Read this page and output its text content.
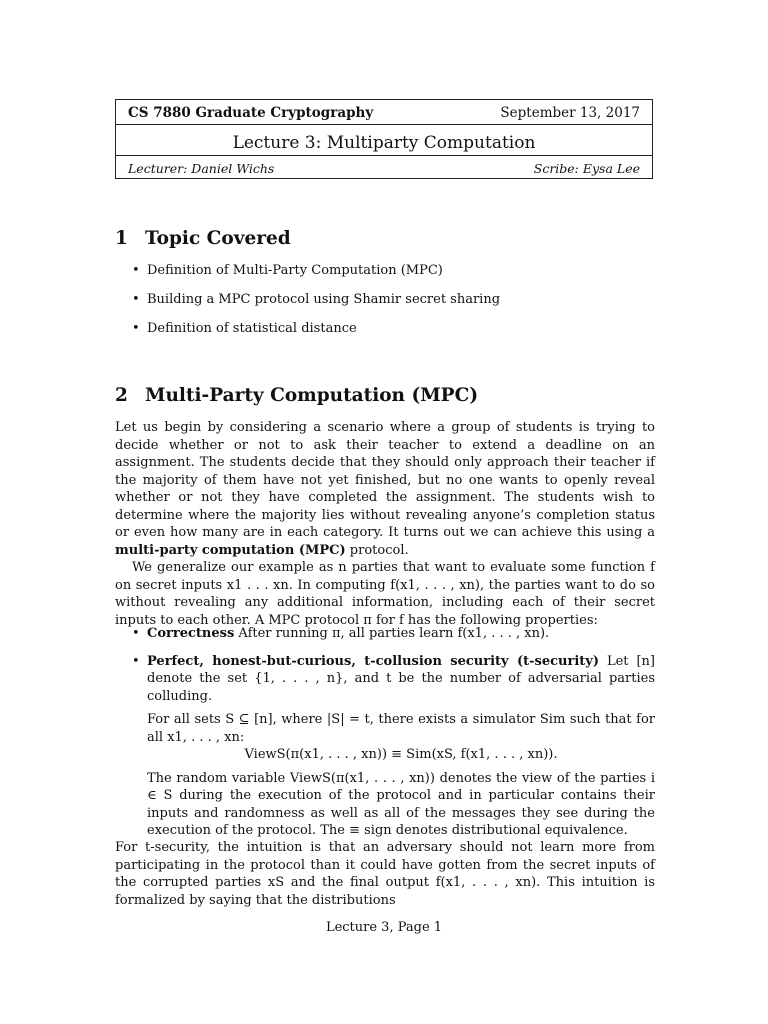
CS 7880 Graduate Cryptography	September 13, 2017
Lecture 3: Multiparty Computation
Lecturer: Daniel Wichs	Scribe: Eysa Lee
1 Topic Covered
• Definition of Multi-Party Computation (MPC)
• Building a MPC protocol using Shamir secret sharing
• Definition of statistical distance
2 Multi-Party Computation (MPC)

Let us begin by considering a scenario where a group of students is trying to decide whether or not to ask their teacher to extend a deadline on an assignment. The students decide that they should only approach their teacher if the majority of them have not yet finished, but no one wants to openly reveal whether or not they have completed the assignment. The students wish to determine where the majority lies without revealing anyone’s completion status or even how many are in each category. It turns out we can achieve this using a multi-party computation (MPC) protocol.

We generalize our example as n parties that want to evaluate some function f on secret inputs x1 . . . xn. In computing f(x1, . . . , xn), the parties want to do so without revealing any additional information, including each of their secret inputs to each other. A MPC protocol π for f has the following properties:

• Correctness After running π, all parties learn f(x1, . . . , xn).
• Perfect, honest-but-curious, t-collusion security (t-security) Let [n] denote the set {1, . . . , n}, and t be the number of adversarial parties colluding.
For all sets S ⊆ [n], where |S| = t, there exists a simulator Sim such that for all x1, . . . , xn:
ViewS(π(x1, . . . , xn)) ≡ Sim(xS, f(x1, . . . , xn)).
The random variable ViewS(π(x1, . . . , xn)) denotes the view of the parties i ∈ S during the execution of the protocol and in particular contains their inputs and randomness as well as all of the messages they see during the execution of the protocol. The ≡ sign denotes distributional equivalence.
For t-security, the intuition is that an adversary should not learn more from participating in the protocol than it could have gotten from the secret inputs of the corrupted parties xS and the final output f(x1, . . . , xn). This intuition is formalized by saying that the distributions
Lecture 3, Page 1
